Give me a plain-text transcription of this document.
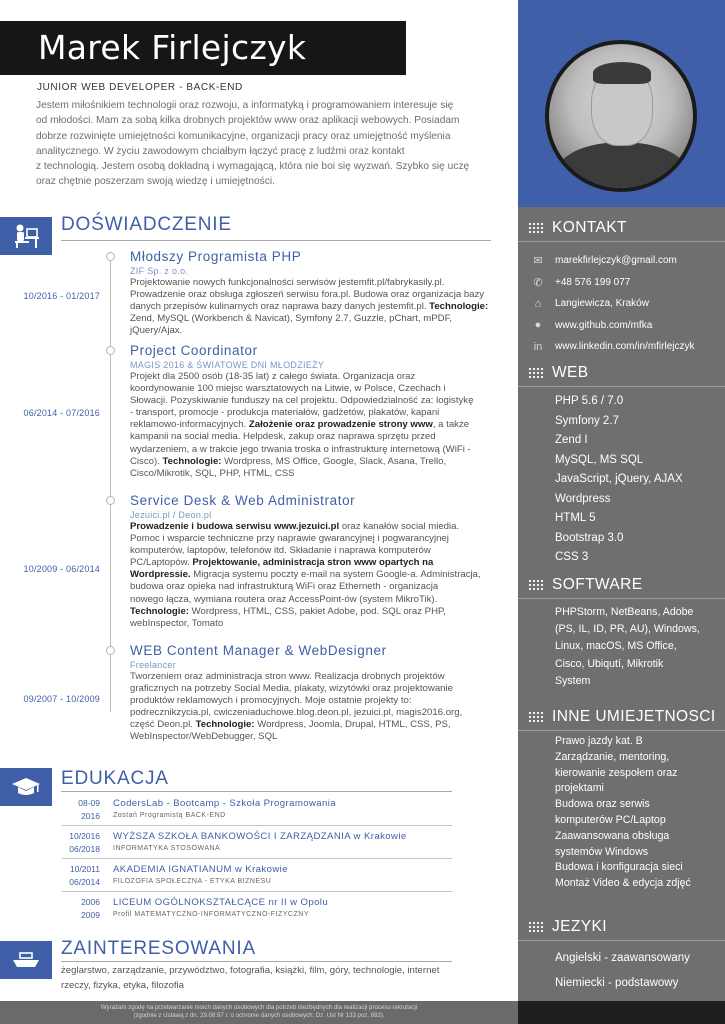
Marek Firlejczyk
JUNIOR WEB DEVELOPER - BACK-END
Jestem miłośnikiem technologii oraz rozwoju, a informatyką i programowaniem interesuje się
od młodości. Mam za sobą kilka drobnych projektów www oraz aplikacji webowych. Posiadam
dobrze rozwinięte umiejętności komunikacyjne, organizacji pracy oraz umiejętność myślenia
analitycznego. W życiu zawodowym chciałbym łączyć pracę z ludźmi oraz kontakt
z technologią. Jestem osobą dokładną i wymagającą, która nie boi się wyzwań. Szybko się uczę
oraz chętnie poszerzam swoją wiedzę i umiejętności.
KONTAKT
✉	marekfirlejczyk@gmail.com
✆	+48 576 199 077
⌂	Langiewicza, Kraków
●	www.github.com/mfka
in	www.linkedin.com/in/mfirlejczyk
WEB
PHP 5.6 / 7.0
Symfony 2.7
Zend I
MySQL, MS SQL
JavaScript, jQuery, AJAX
Wordpress
HTML 5
Bootstrap 3.0
CSS 3
SOFTWARE
PHPStorm, NetBeans, Adobe
(PS, IL, ID, PR, AU), Windows,
Linux, macOS, MS Office,
Cisco, Ubiqutí, Mikrotik
System
INNE UMIEJETNOSCI
Prawo jazdy kat. B
Zarządzanie, mentoring,
kierowanie zespołem oraz
projektami
Budowa oraz serwis
komputerów PC/Laptop
Zaawansowana obsługa
systemów Windows
Budowa i konfiguracja sieci
Montaż Video & edycja zdjęć
JEZYKI
Angielski - zaawansowany
Niemiecki - podstawowy
DOŚWIADCZENIE
10/2016 - 01/2017
Młodszy Programista PHP
ZIF Sp. z o.o.
Projektowanie nowych funkcjonalności serwisów jestemfit.pl/fabrykasily.pl.
Prowadzenie oraz obsługa zgłoszeń serwisu fora.pl. Budowa oraz organizacja bazy
danych przepisów kulinarnych oraz naprawa bazy danych jestemfit.pl. Technologie:
Zend, MySQL (Workbench & Navicat), Symfony 2.7, Guzzle, pChart, mPDF,
jQuery/Ajax.
06/2014 - 07/2016
Project Coordinator
MAGIS 2016 & ŚWIATOWE DNI MŁODZIEŻY
Projekt dla 2500 osób (18-35 lat) z całego świata. Organizacja oraz
koordynowanie 100 miejsc warsztatowych na Litwie, w Polsce, Czechach i
Słowacji. Pozyskiwanie funduszy na cel projektu. Odpowiedzialność za: logistykę
- transport, promocje - produkcja materiałów, gadżetów, plakatów, kapani
reklamowo-informacyjnych. Założenie oraz prowadzenie strony www, a także
kampanii na social media. Helpdesk, zakup oraz naprawa sprzętu przed
wydarzeniem, a w trakcie jego trwania troska o infrastrukturę internetową (WiFi -
Cisco). Technologie: Wordpress, MS Office, Google, Slack, Asana, Trello,
Cisco/Mikrotik, SQL, PHP, HTML, CSS
10/2009 - 06/2014
Service Desk & Web Administrator
Jezuici.pl / Deon.pl
Prowadzenie i budowa serwisu www.jezuici.pl oraz kanałów social miedia.
Pomoc i wsparcie techniczne przy naprawie gwarancyjnej i pogwarancyjnej
komputerów, laptopów, telefonów itd. Składanie i naprawa komputerów
PC/Laptopów. Projektowanie, administracja stron www opartych na
Wordpressie. Migracja systemu poczty e-mail na system Google-a. Administracja,
budowa oraz opieka nad infrastrukturą WiFi oraz Etherneth - organizacja
nowego łącza, wymiana routera oraz AccessPoint-ów (system MikroTik).
Technologie: Wordpress, HTML, CSS, pakiet Adobe, pod. SQL oraz PHP,
webInspector, Tomato
09/2007 - 10/2009
WEB Content Manager & WebDesigner
Freelancer
Tworzeniem oraz administracja stron www. Realizacja drobnych projektów
graficznych na potrzeby Social Media, plakaty, wizytówki oraz projektowanie
produktów reklamowych i promocyjnych. Moje ostatnie projekty to:
podrecznikzycia.pl, cwiczeniaduchowe.blog.deon.pl, jezuici.pl, magis2016.org,
część Deon.pl. Technologie: Wordpress, Joomla, Drupal, HTML, CSS, PS,
WebInspector/WebDebugger, SQL
EDUKACJA
08-09
2016
CodersLab - Bootcamp - Szkoła Programowania
Zostań Programistą BACK-END
10/2016
06/2018
WYŻSZA SZKOŁA BANKOWOŚCI I ZARZĄDZANIA w Krakowie
INFORMATYKA STOSOWANA
10/2011
06/2014
AKADEMIA IGNATIANUM w Krakowie
FILOZOFIA SPOŁECZNA - ETYKA BIZNESU
2006
2009
LICEUM OGÓLNOKSZTAŁCĄCE nr II w Opolu
Profil MATEMATYCZNO-INFORMATYCZNO-FIZYCZNY
ZAINTERESOWANIA
żeglarstwo, zarządzanie, przywództwo, fotografia, książki, film, góry, technologie, internet
rzeczy, fizyka, etyka, filozofia
Wyrażam zgodę na przetwarzanie moich danych osobowych dla potrzeb niezbędnych dla realizacji procesu rekrutacji
(zgodnie z Ustawą z dn. 29.08.97 r. o ochronie danych osobowych; Dz. Ust Nr 133 poz. 883).
